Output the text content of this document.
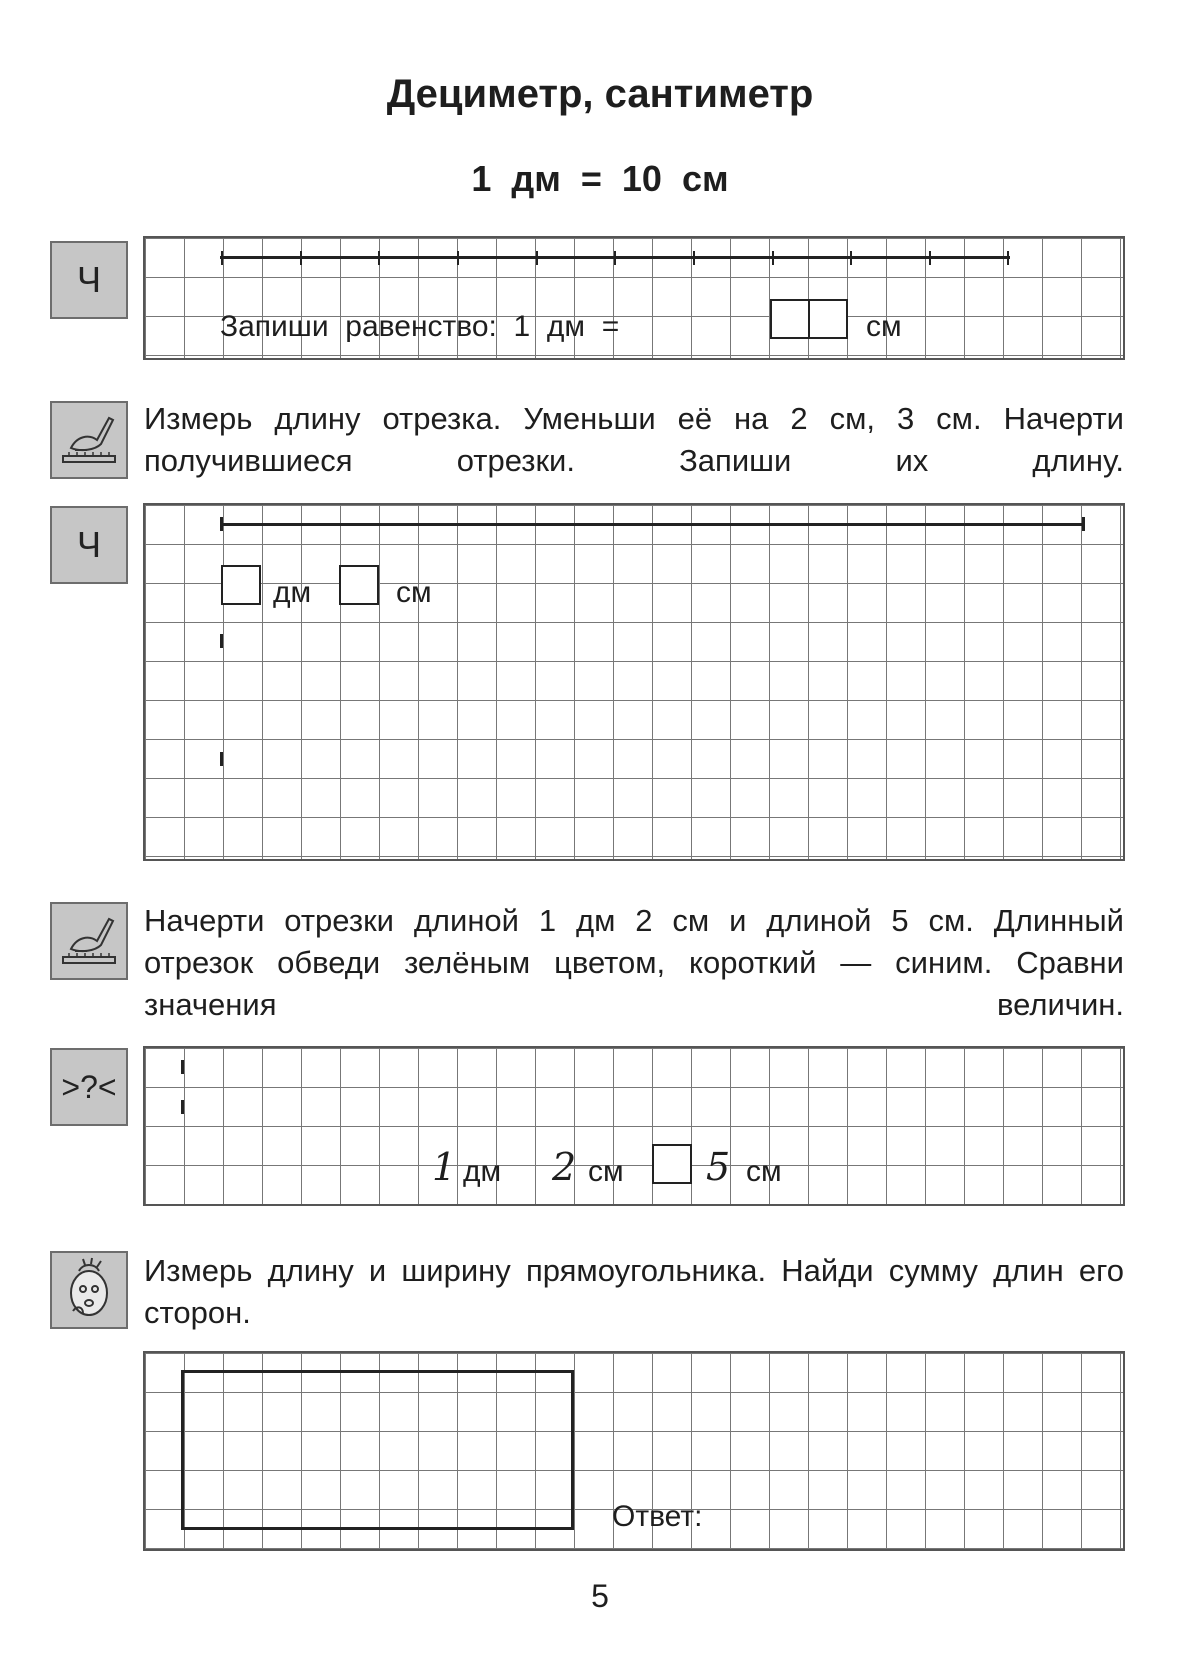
Дециметр, сантиметр
1 дм = 10 см
Ч
Запиши  равенство:  1  дм  =	см
Измерь длину отрезка. Уменьши её на 2 см, 3 см. Начерти получившиеся отрезки. Запиши их длину.
Ч
дм	см
Начерти отрезки длиной 1 дм 2 см и длиной 5 см. Длинный отрезок обведи зелёным цветом, короткий — синим. Сравни значения величин.
>?<
1 дм 2 см 5 см
Измерь длину и ширину прямоугольника. Найди сумму длин его сторон.
Ответ:
5
